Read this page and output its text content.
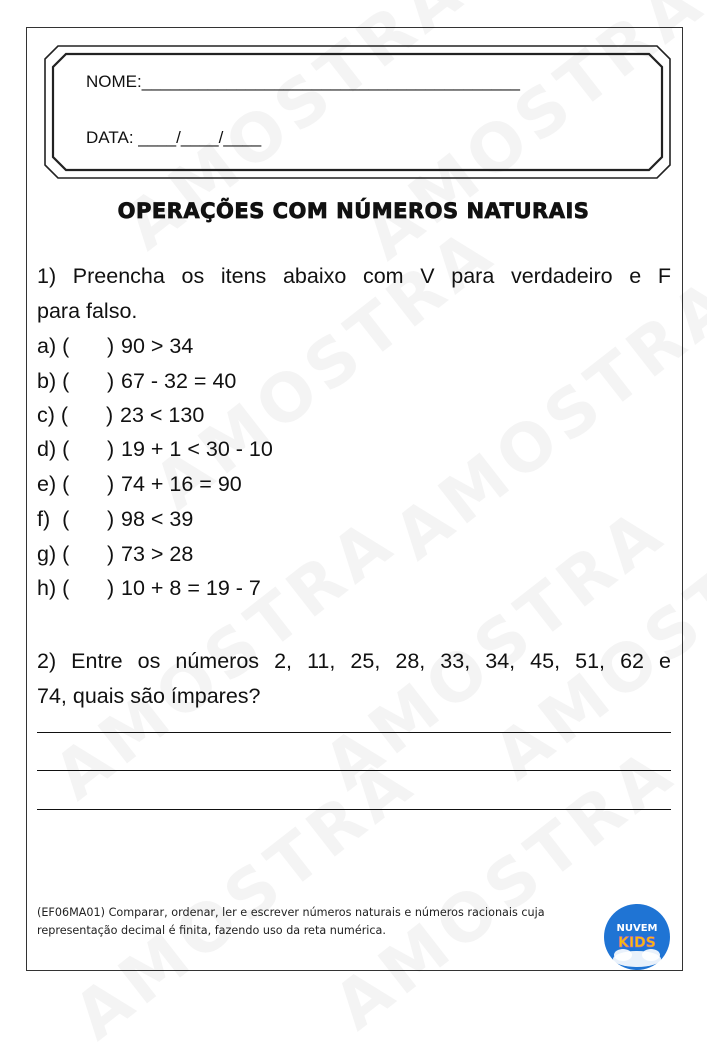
NOME:________________________________________
DATA: ____/____/____
OPERAÇÕES COM NÚMEROS NATURAIS
1) Preencha os itens abaixo com V para verdadeiro e F
para falso.
a) ( ) 90 > 34
b) ( ) 67 - 32 = 40
c) ( ) 23 < 130
d) ( ) 19 + 1 < 30 - 10
e) ( ) 74 + 16 = 90
f)  ( ) 98 < 39
g) ( ) 73 > 28
h) ( ) 10 + 8 = 19 - 7
2) Entre os números 2, 11, 25, 28, 33, 34, 45, 51, 62 e
74, quais são ímpares?
(EF06MA01) Comparar, ordenar, ler e escrever números naturais e números racionais cuja representação decimal é finita, fazendo uso da reta numérica.	NUVEM
KIDS
